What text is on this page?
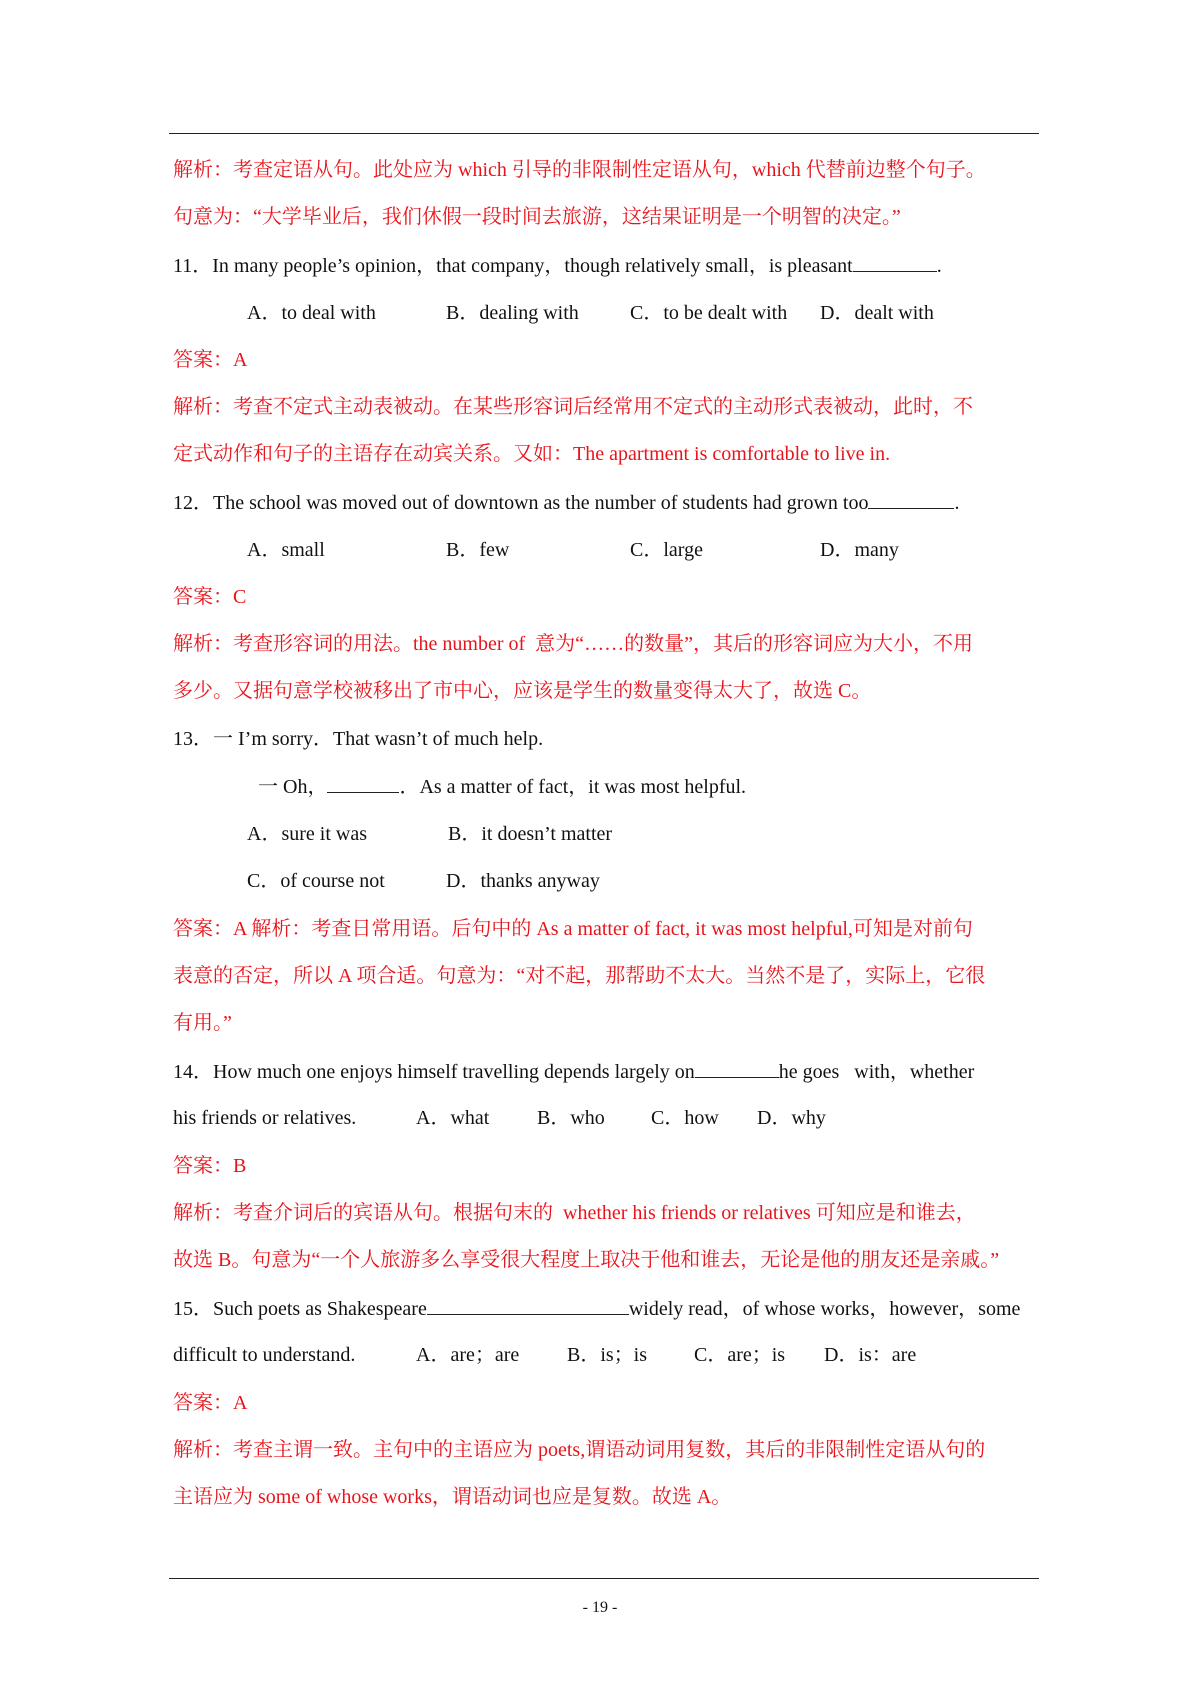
解析：考查定语从句。此处应为 which 引导的非限制性定语从句，which 代替前边整个句子。
句意为：“大学毕业后，我们休假一段时间去旅游，这结果证明是一个明智的决定。”
11．In many people’s opinion，that company，though relatively small，is pleasant	.
A．to deal with	B．dealing with	C．to be dealt with D．dealt with
答案：A
解析：考查不定式主动表被动。在某些形容词后经常用不定式的主动形式表被动，此时，不
定式动作和句子的主语存在动宾关系。又如：The apartment is comfortable to live in.
12．The school was moved out of downtown as the number of students had grown too	.
A．small	B．few	C．large	D．many
答案：C
解析：考查形容词的用法。the number of  意为“……的数量”，其后的形容词应为大小，不用
多少。又据句意学校被移出了市中心，应该是学生的数量变得太大了，故选 C。
13．一 I’m sorry．That wasn’t of much help.
一 Oh，	．As a matter of fact，it was most helpful.
A．sure it was	B．it doesn’t matter
C．of course not	D．thanks anyway
答案：A 解析：考查日常用语。后句中的 As a matter of fact, it was most helpful,可知是对前句
表意的否定，所以 A 项合适。句意为：“对不起，那帮助不太大。当然不是了，实际上，它很
有用。”
14．How much one enjoys himself travelling depends largely on	he goes   with，whether
his friends or relatives.	A．what B．who C．how D．why
答案：B
解析：考查介词后的宾语从句。根据句末的  whether his friends or relatives 可知应是和谁去，
故选 B。句意为“一个人旅游多么享受很大程度上取决于他和谁去，无论是他的朋友还是亲戚。”
15．Such poets as Shakespeare	widely read，of whose works，however，some
difficult to understand.	A．are；are B．is；is C．are；is D．is：are
答案：A
解析：考查主谓一致。主句中的主语应为 poets,谓语动词用复数，其后的非限制性定语从句的
主语应为 some of whose works，谓语动词也应是复数。故选 A。
- 19 -
